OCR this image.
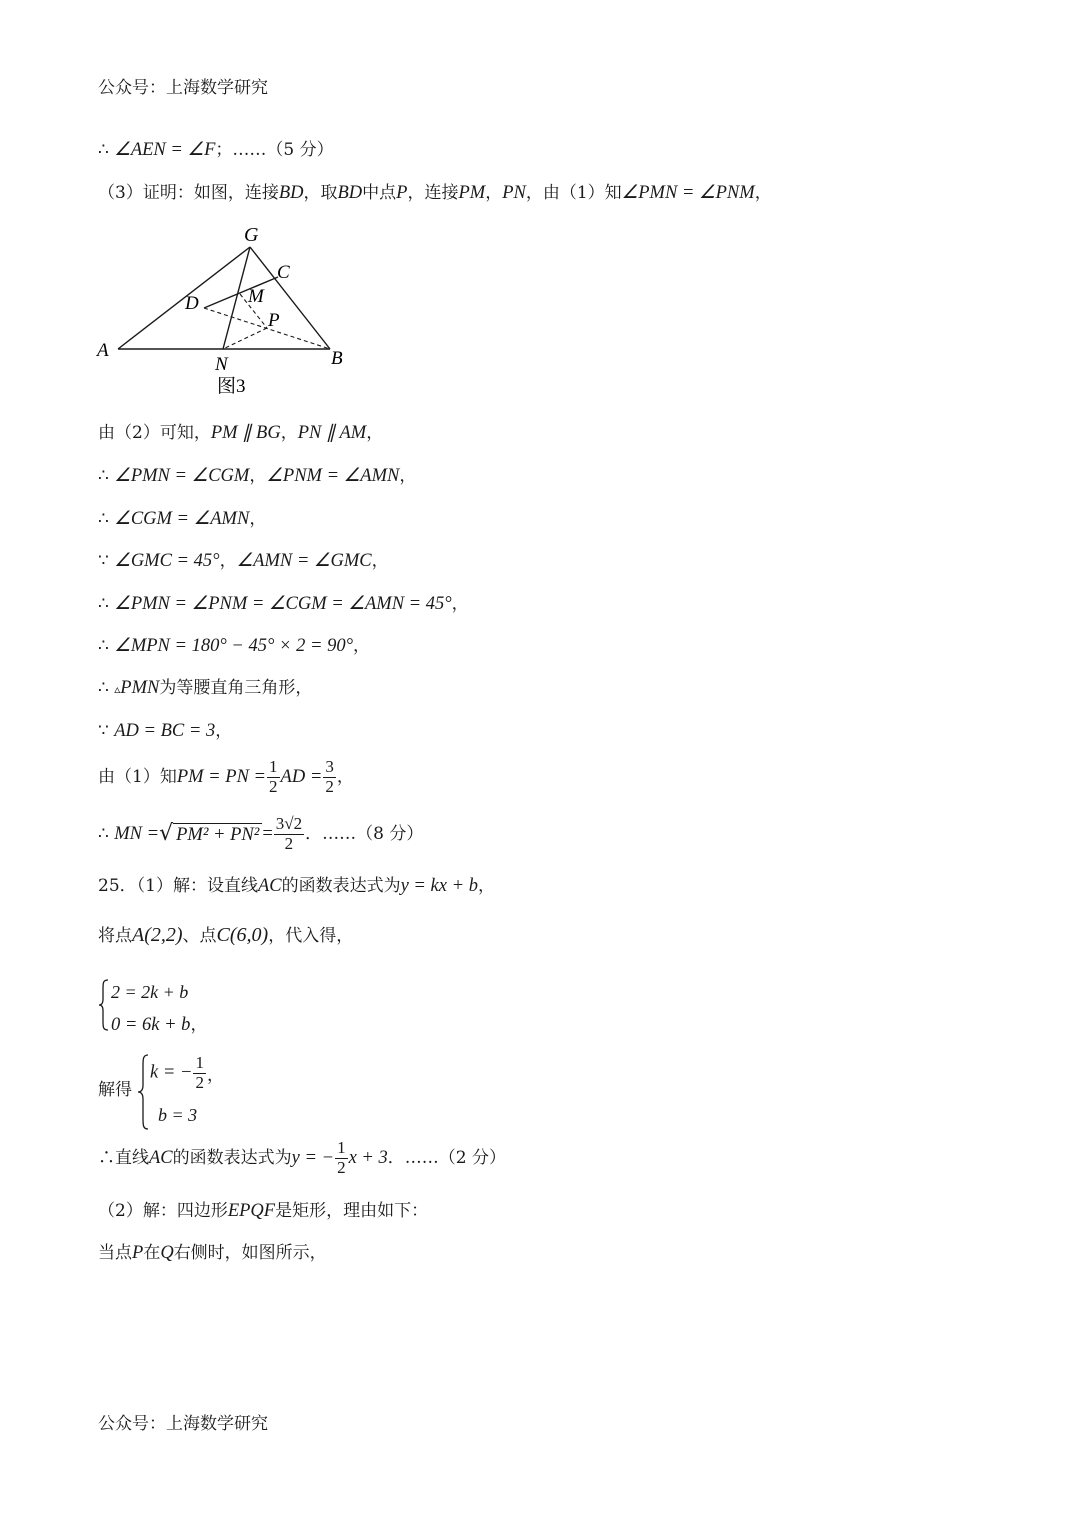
公众号：上海数学研究
∴ ∠AEN = ∠F；……（5 分）
（3）证明：如图，连接BD，取BD中点P，连接PM，PN，由（1）知∠PMN = ∠PNM，
G
C
D	M
P
A
N	B
图3
由（2）可知，PM ∥ BG，PN ∥ AM，
∴ ∠PMN = ∠CGM，∠PNM = ∠AMN，
∴ ∠CGM = ∠AMN，
∵ ∠GMC = 45°，∠AMN = ∠GMC，
∴ ∠PMN = ∠PNM = ∠CGM = ∠AMN = 45°，
∴ ∠MPN = 180° − 45° × 2 = 90°，
∴ ▵PMN为等腰直角三角形，
∵ AD = BC = 3，
由（1）知PM = PN = $\frac{1}{2}$ AD = $\frac{3}{2}$ ，
∴ MN =√ $PM^2 + PN^2 = \frac{3√2}{2}$ ．……（8 分）
25．（1）解：设直线AC的函数表达式为y = kx + b，
将点A(2,2)、点C(6,0)，代入得，
2 = 2k + b
0 = 6k + b，
解得
k = − $\frac{1}{2}$ ，
b = 3
∴直线AC的函数表达式为y = − $\frac{1}{2}$ x + 3．……（2 分）
（2）解：四边形EPQF是矩形，理由如下：
当点P在Q右侧时，如图所示，
公众号：上海数学研究
